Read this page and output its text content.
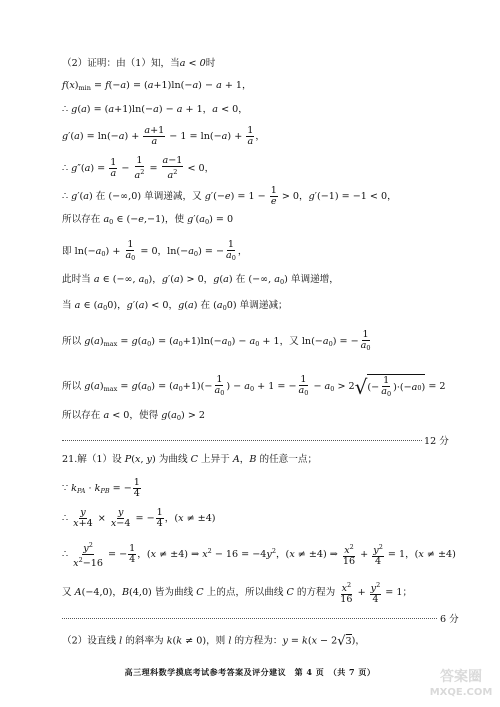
（2）证明：由（1）知，当a < 0时
$f(x)_{min} = f(-a) = (a+1)\ln(-a) - a + 1$，
∴ g(a) = (a+1)ln(−a) − a + 1，a < 0，
$g'(a) = \ln(-a) + \frac{a+1}{a} - 1 = \ln(-a) + \frac{1}{a}$ ，
∴ $g''(a) = \frac{1}{a} - \frac{1}{a^2} = \frac{a-1}{a^2} < 0$，
∴ g′(a) 在 (−∞,0) 单调递减，又 $g'(-e) = 1 - \frac{1}{e} > 0$，g′(−1) = −1 < 0，
所以存在 $a_0$ ∈ (−e,−1)，使 $g'(a_0) = 0$
即 $\ln(-a_0) + \frac{1}{a_0} = 0$，$\ln(-a_0)$ = − $\frac{1}{a_0}$ ，
此时当 a ∈ (−∞, $a_0$)，g′(a) > 0，g(a) 在 (−∞, $a_0$) 单调递增，
当 a ∈ $(a_00)$，g′(a) < 0，g(a) 在 $(a_00)$ 单调递减；
所以 $g(a)_{max} = g(a_0) = (a_0+1)\ln(-a_0) - a_0 + 1$，又 $\ln(-a_0)$ = − $\frac{1}{a_0}$
所以 $g(a)_{max} = g(a_0) = (a_0+1)(- \frac{1}{a_0}$ ) − $a_0 + 1$ = − $\frac{1}{a_0} - a_0 > 2$ √ (−
1
$a_0$
)·(− a 0 ) = 2
所以存在 a < 0，使得 $g(a_0) > 2$
12 分
21.解（1）设 P(x, y) 为曲线 C 上异于 A，B 的任意一点；
∵ $k_{PA} \cdot k_{PB}$ = − $\frac{1}{4}$
∴ $\frac{y}{x+4} \times \frac{y}{x-4}$ = − $\frac{1}{4}$ ，(x ≠ ±4)
∴ $\frac{y^2}{x^2-16}$ = − $\frac{1}{4}$ ，(x ≠ ±4) ⇒ $x^2 - 16 = -4y^2$，(x ≠ ±4) ⇒ $\frac{x^2}{16} + \frac{y^2}{4} = 1$，(x ≠ ±4)
又 A(−4,0)，B(4,0) 皆为曲线 C 上的点，所以曲线 C 的方程为 $\frac{x^2}{16} + \frac{y^2}{4} = 1$；
6 分
（2）设直线 l 的斜率为 k(k ≠ 0)，则 l 的方程为：y = k(x − 2 √ 3 )，
高三理科数学摸底考试参考答案及评分建议　第 4 页　（共 7 页）	答案圈
MXQE.COM
